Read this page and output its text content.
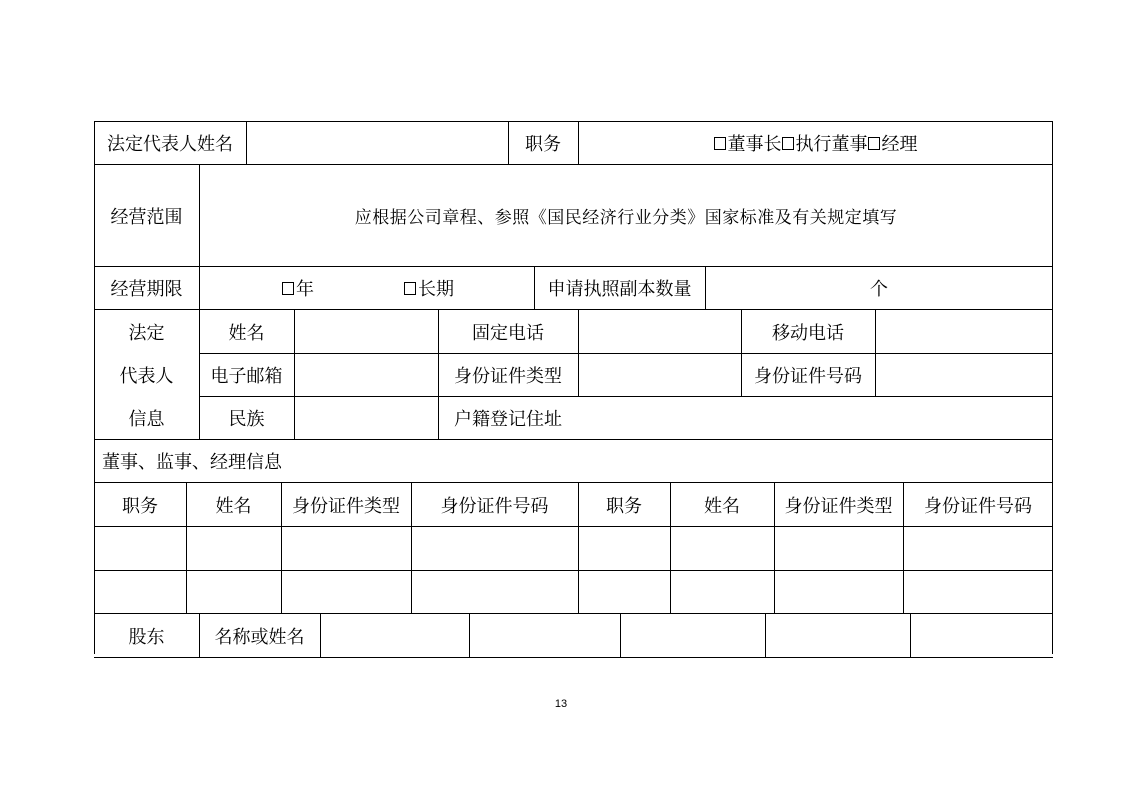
法定代表人姓名	职务	董事长 执行董事 经理
经营范围	应根据公司章程、参照《国民经济行业分类》国家标准及有关规定填写
经营期限	年	长期	申请执照副本数量	个
法定
代表人
信息
姓名	固定电话	移动电话
电子邮箱	身份证件类型	身份证件号码
民族	户籍登记住址
董事、监事、经理信息
职务	姓名	身份证件类型	身份证件号码	职务	姓名	身份证件类型	身份证件号码
股东	名称或姓名
13
